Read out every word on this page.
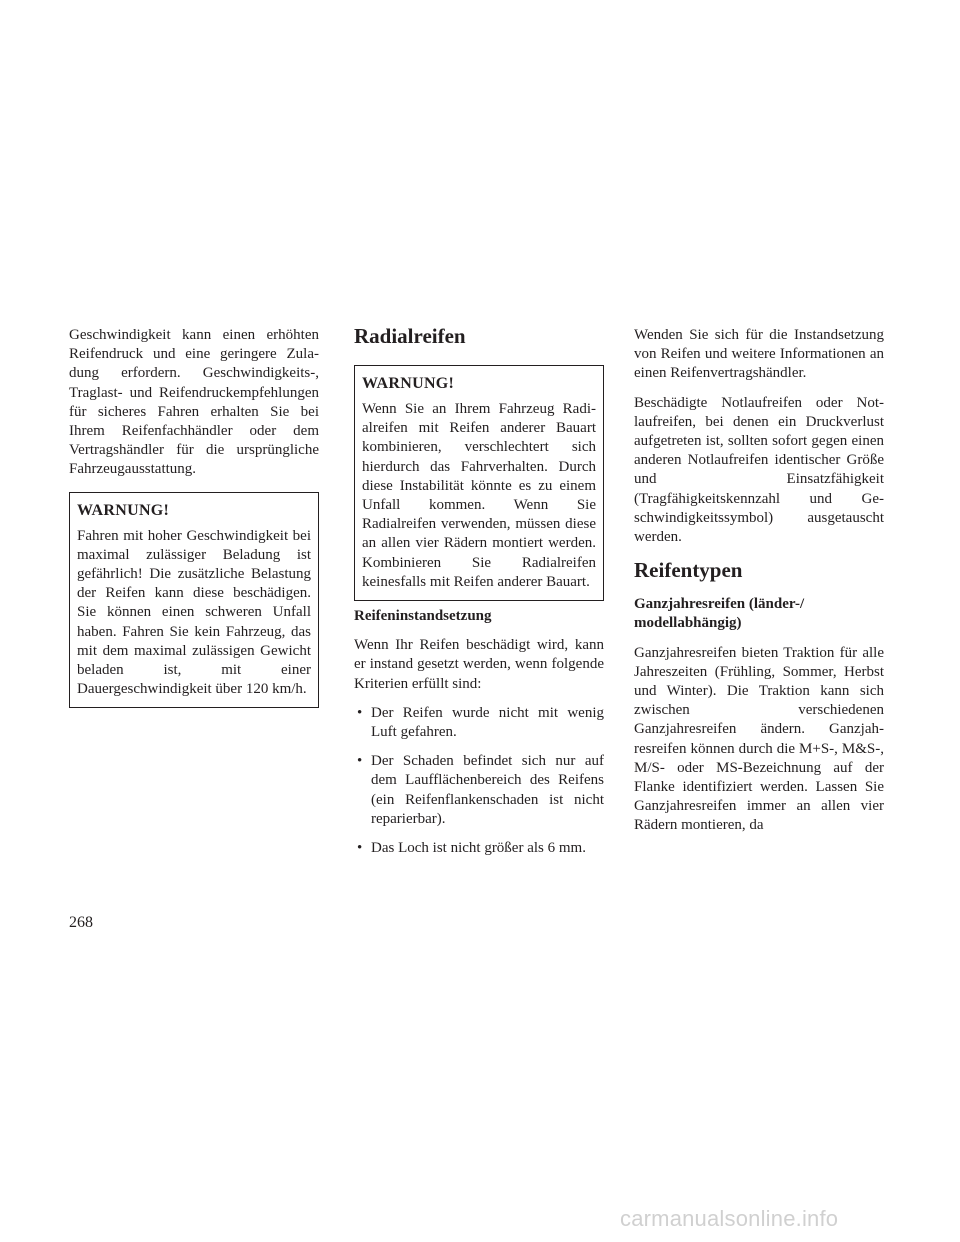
Geschwindigkeit kann einen erhöhten Reifendruck und eine geringere Zuladung erfordern. Geschwindigkeits-, Traglast- und Reifendruckempfehlungen für sicheres Fahren erhalten Sie bei Ihrem Reifenfachhändler oder dem Vertragshändler für die ursprüngliche Fahrzeugausstattung.

WARNUNG!

Fahren mit hoher Geschwindigkeit bei maximal zulässiger Beladung ist gefährlich! Die zusätzliche Belastung der Reifen kann diese beschädigen. Sie können einen schweren Unfall haben. Fahren Sie kein Fahrzeug, das mit dem maximal zulässigen Gewicht beladen ist, mit einer Dauergeschwindigkeit über 120 km/h.

Radialreifen
WARNUNG!

Wenn Sie an Ihrem Fahrzeug Radialreifen mit Reifen anderer Bauart kombinieren, verschlechtert sich hierdurch das Fahrverhalten. Durch diese Instabilität könnte es zu einem Unfall kommen. Wenn Sie Radialreifen verwenden, müssen diese an allen vier Rädern montiert werden. Kombinieren Sie Radialreifen keinesfalls mit Reifen anderer Bauart.

Reifeninstandsetzung

Wenn Ihr Reifen beschädigt wird, kann er instand gesetzt werden, wenn folgende Kriterien erfüllt sind:

• Der Reifen wurde nicht mit wenig Luft gefahren.
• Der Schaden befindet sich nur auf dem Laufflächenbereich des Reifens (ein Reifenflankenschaden ist nicht reparierbar).
• Das Loch ist nicht größer als 6 mm.

Wenden Sie sich für die Instandsetzung von Reifen und weitere Informationen an einen Reifenvertragshändler.

Beschädigte Notlaufreifen oder Notlaufreifen, bei denen ein Druckverlust aufgetreten ist, sollten sofort gegen einen anderen Notlaufreifen identischer Größe und Einsatzfähigkeit (Tragfähigkeitskennzahl und Geschwindigkeitssymbol) ausgetauscht werden.

Reifentypen
Ganzjahresreifen (länder-/ modellabhängig)

Ganzjahresreifen bieten Traktion für alle Jahreszeiten (Frühling, Sommer, Herbst und Winter). Die Traktion kann sich zwischen verschiedenen Ganzjahresreifen ändern. Ganzjahresreifen können durch die M+S-, M&S-, M/S- oder MS-Bezeichnung auf der Flanke identifiziert werden. Lassen Sie Ganzjahresreifen immer an allen vier Rädern montieren, da

268
carmanualsonline.info
